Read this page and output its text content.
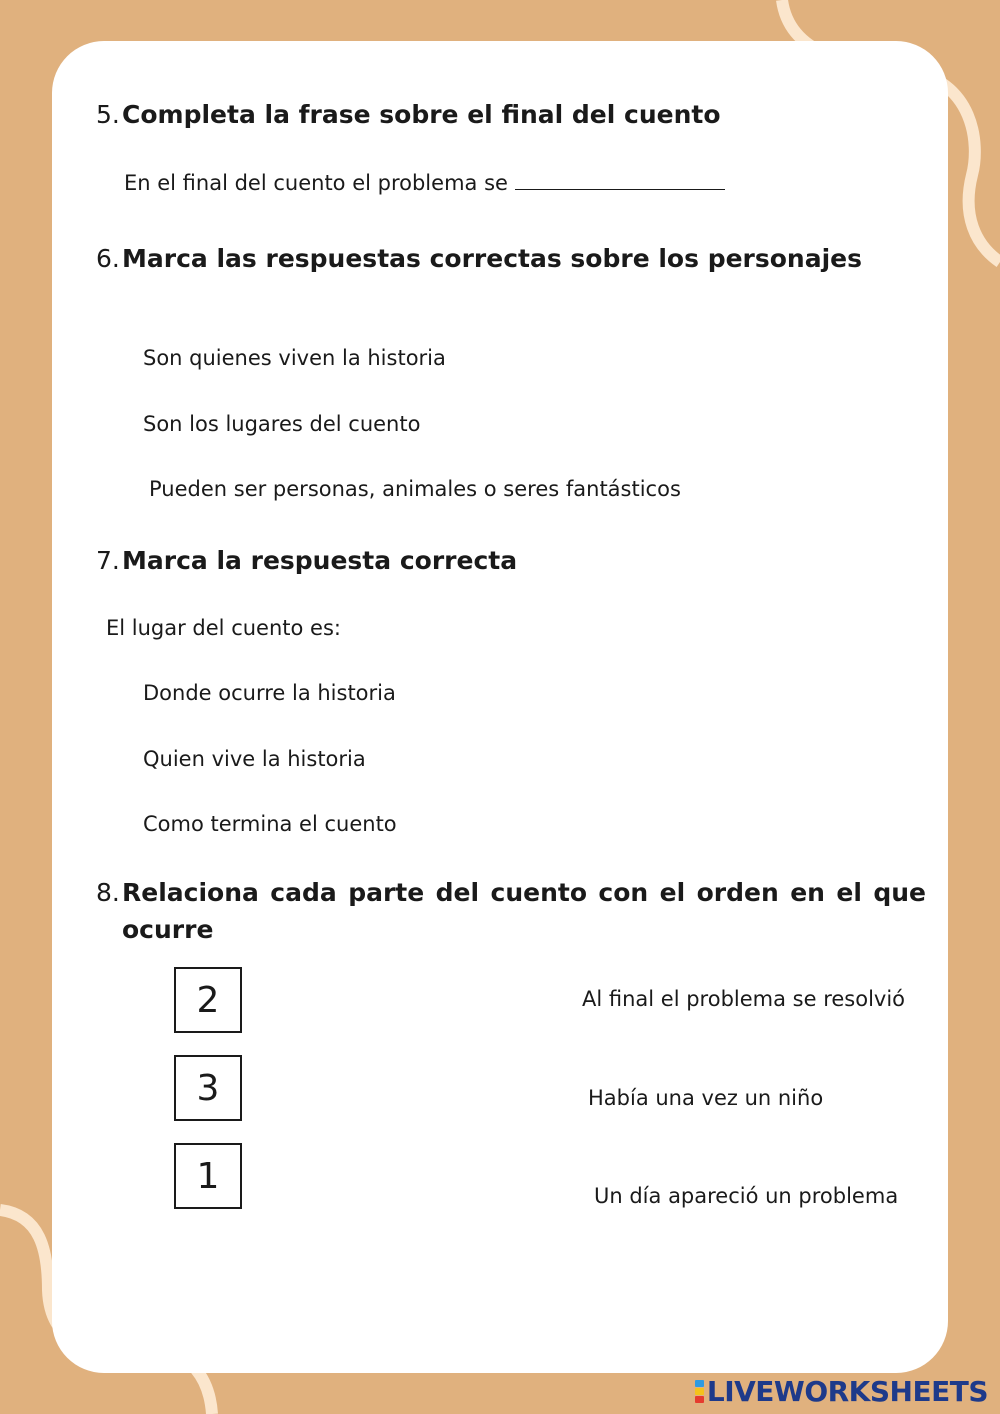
5. Completa la frase sobre el final del cuento
En el final del cuento el problema se
6. Marca las respuestas correctas sobre los personajes
Son quienes viven la historia
Son los lugares del cuento
Pueden ser personas, animales o seres fantásticos
7. Marca la respuesta correcta
El lugar del cuento es:
Donde ocurre la historia
Quien vive la historia
Como termina el cuento
8. Relaciona cada parte del cuento con el orden en el que ocurre
2
3
1
Al final el problema se resolvió
Había una vez un niño
Un día apareció un problema
LIVEWORKSHEETS
